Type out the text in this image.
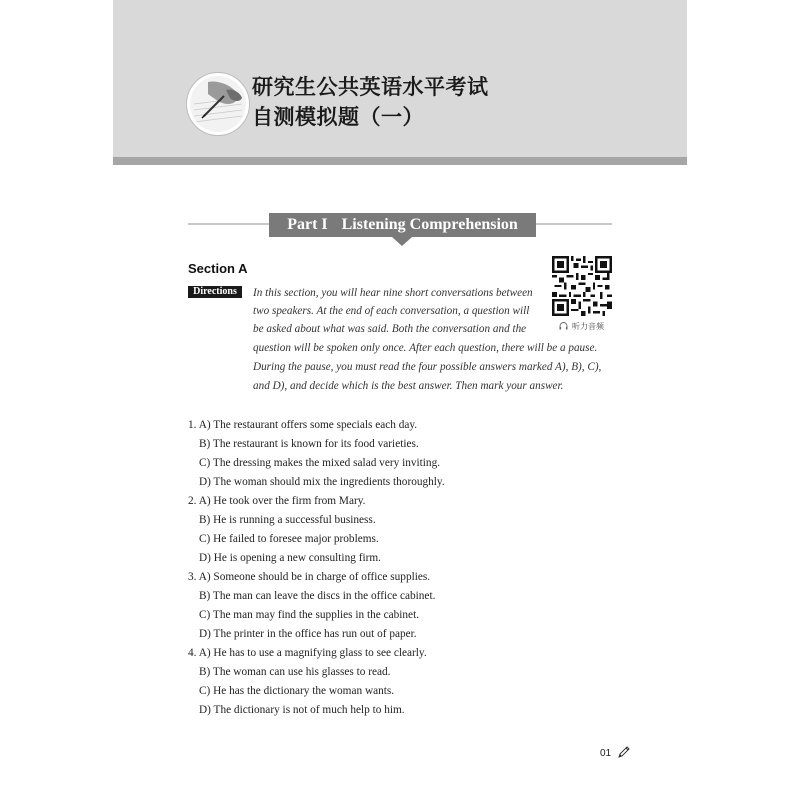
研究生公共英语水平考试
自测模拟题（一）
Part I Listening Comprehension
Section A
Directions	In this section, you will hear nine short conversations between
two speakers. At the end of each conversation, a question will
be asked about what was said. Both the conversation and the
question will be spoken only once. After each question, there will be a pause.
During the pause, you must read the four possible answers marked A), B), C),
and D), and decide which is the best answer. Then mark your answer.
听力音频
1. A) The restaurant offers some specials each day.
B) The restaurant is known for its food varieties.
C) The dressing makes the mixed salad very inviting.
D) The woman should mix the ingredients thoroughly.
2. A) He took over the firm from Mary.
B) He is running a successful business.
C) He failed to foresee major problems.
D) He is opening a new consulting firm.
3. A) Someone should be in charge of office supplies.
B) The man can leave the discs in the office cabinet.
C) The man may find the supplies in the cabinet.
D) The printer in the office has run out of paper.
4. A) He has to use a magnifying glass to see clearly.
B) The woman can use his glasses to read.
C) He has the dictionary the woman wants.
D) The dictionary is not of much help to him.
01
